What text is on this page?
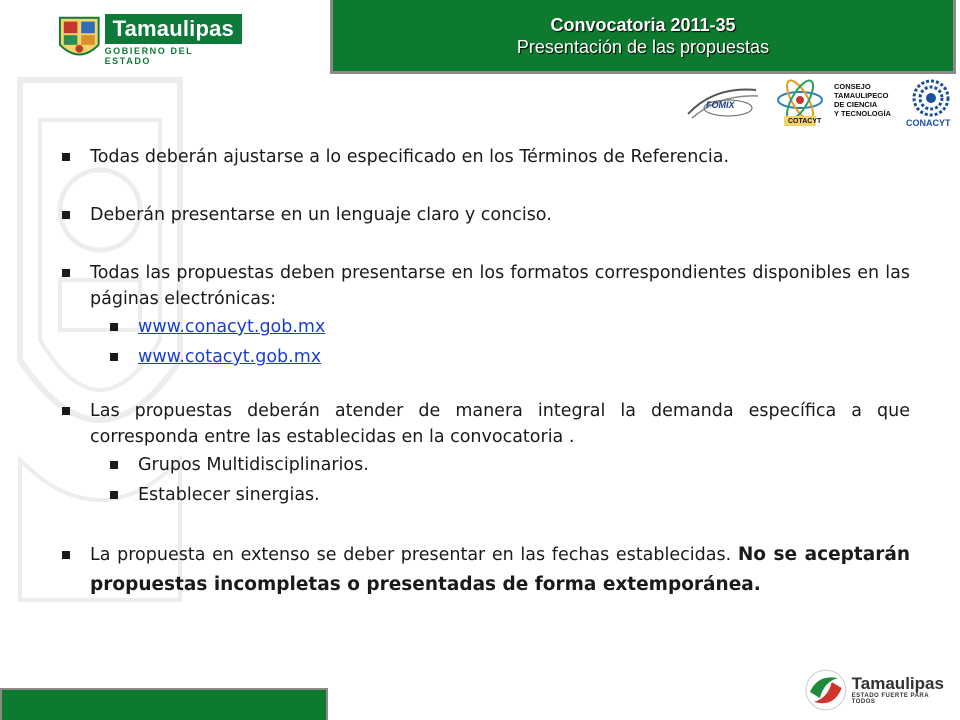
Tamaulipas
GOBIERNO DEL ESTADO
Convocatoria 2011-35
Presentación de las propuestas
FOMIX
COTACYT
CONSEJO
TAMAULIPECO
DE CIENCIA
Y TECNOLOGÍA
CONACYT
Todas deberán ajustarse a lo especificado en los Términos de Referencia.
Deberán presentarse en un lenguaje claro y conciso.
Todas las propuestas deben presentarse en los formatos correspondientes disponibles en las páginas electrónicas:
www.conacyt.gob.mx
www.cotacyt.gob.mx
Las propuestas deberán atender de manera integral la demanda específica a que corresponda entre las establecidas en la convocatoria .
Grupos Multidisciplinarios.
Establecer sinergias.
La propuesta en extenso se deber presentar en las fechas establecidas. No se aceptarán propuestas incompletas o presentadas de forma extemporánea.
Tamaulipas
ESTADO FUERTE PARA TODOS
